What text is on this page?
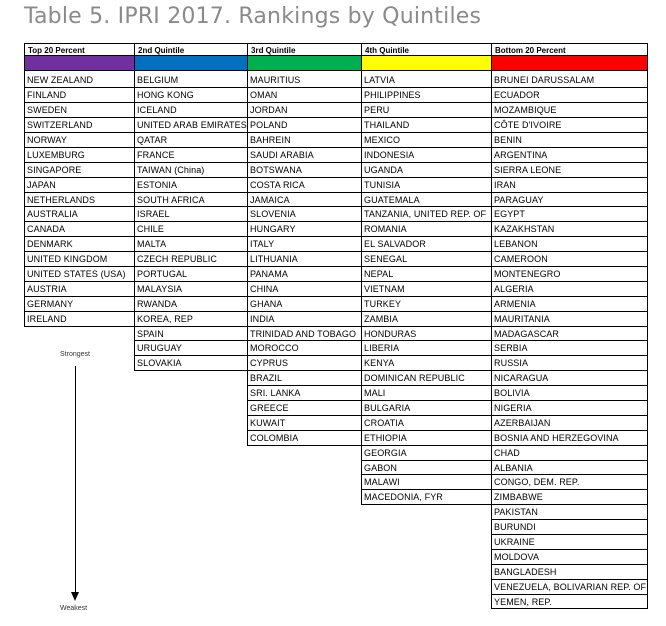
Table 5. IPRI 2017. Rankings by Quintiles
Top 20 Percent
NEW ZEALAND
FINLAND
SWEDEN
SWITZERLAND
NORWAY
LUXEMBURG
SINGAPORE
JAPAN
NETHERLANDS
AUSTRALIA
CANADA
DENMARK
UNITED KINGDOM
UNITED STATES (USA)
AUSTRIA
GERMANY
IRELAND
2nd Quintile
BELGIUM
HONG KONG
ICELAND
UNITED ARAB EMIRATES
QATAR
FRANCE
TAIWAN (China)
ESTONIA
SOUTH AFRICA
ISRAEL
CHILE
MALTA
CZECH REPUBLIC
PORTUGAL
MALAYSIA
RWANDA
KOREA, REP
SPAIN
URUGUAY
SLOVAKIA
3rd Quintile
MAURITIUS
OMAN
JORDAN
POLAND
BAHREIN
SAUDI ARABIA
BOTSWANA
COSTA RICA
JAMAICA
SLOVENIA
HUNGARY
ITALY
LITHUANIA
PANAMA
CHINA
GHANA
INDIA
TRINIDAD AND TOBAGO
MOROCCO
CYPRUS
BRAZIL
SRI. LANKA
GREECE
KUWAIT
COLOMBIA
4th Quintile
LATVIA
PHILIPPINES
PERU
THAILAND
MEXICO
INDONESIA
UGANDA
TUNISIA
GUATEMALA
TANZANIA, UNITED REP. OF
ROMANIA
EL SALVADOR
SENEGAL
NEPAL
VIETNAM
TURKEY
ZAMBIA
HONDURAS
LIBERIA
KENYA
DOMINICAN REPUBLIC
MALI
BULGARIA
CROATIA
ETHIOPIA
GEORGIA
GABON
MALAWI
MACEDONIA, FYR
Bottom 20 Percent
BRUNEI DARUSSALAM
ECUADOR
MOZAMBIQUE
CÔTE D'IVOIRE
BENIN
ARGENTINA
SIERRA LEONE
IRAN
PARAGUAY
EGYPT
KAZAKHSTAN
LEBANON
CAMEROON
MONTENEGRO
ALGERIA
ARMENIA
MAURITANIA
MADAGASCAR
SERBIA
RUSSIA
NICARAGUA
BOLIVIA
NIGERIA
AZERBAIJAN
BOSNIA AND HERZEGOVINA
CHAD
ALBANIA
CONGO, DEM. REP.
ZIMBABWE
PAKISTAN
BURUNDI
UKRAINE
MOLDOVA
BANGLADESH
VENEZUELA, BOLIVARIAN REP. OF
YEMEN, REP.
Strongest
Weakest
